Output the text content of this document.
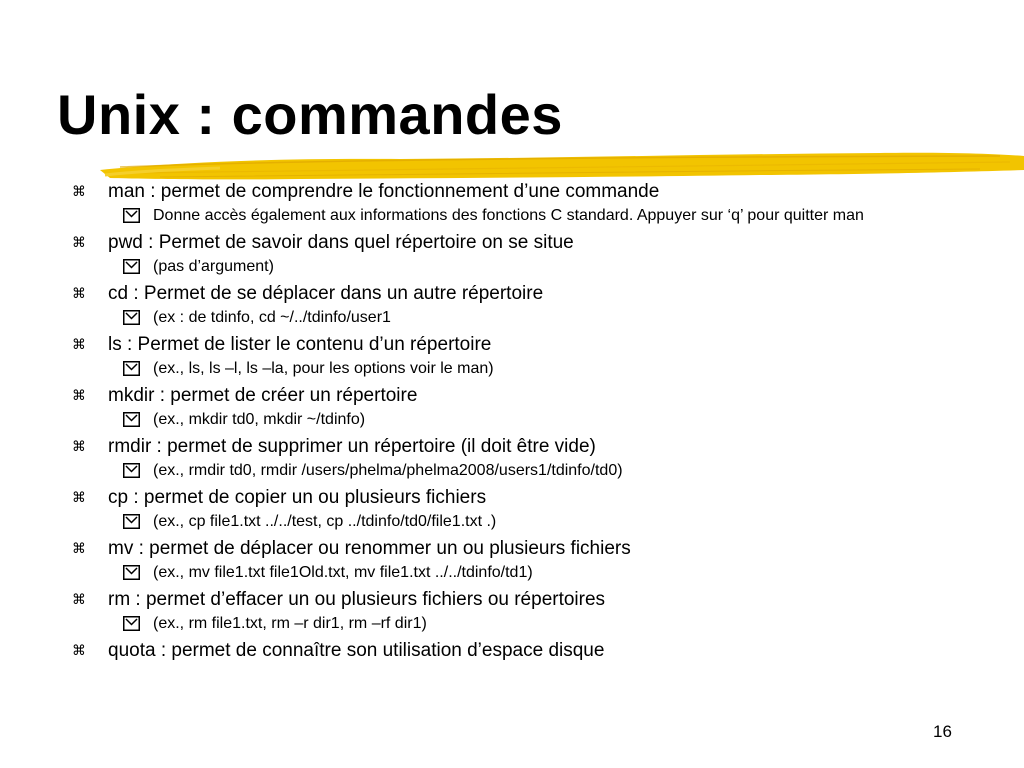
Unix : commandes
⌘	man : permet de comprendre le fonctionnement d’une commande
Donne accès également aux informations des fonctions C standard. Appuyer sur ‘q’ pour quitter man
⌘	pwd : Permet de savoir dans quel répertoire on se situe
(pas d’argument)
⌘	cd : Permet de se déplacer dans un autre répertoire
(ex : de tdinfo, cd ~/../tdinfo/user1
⌘	ls : Permet de lister le contenu d’un répertoire
(ex., ls, ls –l, ls –la, pour les options voir le man)
⌘	mkdir : permet de créer un répertoire
(ex., mkdir td0, mkdir ~/tdinfo)
⌘	rmdir : permet de supprimer un répertoire (il doit être vide)
(ex., rmdir td0, rmdir /users/phelma/phelma2008/users1/tdinfo/td0)
⌘	cp : permet de copier un ou plusieurs fichiers
(ex., cp file1.txt ../../test, cp ../tdinfo/td0/file1.txt .)
⌘	mv : permet de déplacer ou renommer un ou plusieurs fichiers
(ex., mv file1.txt file1Old.txt, mv file1.txt ../../tdinfo/td1)
⌘	rm : permet d’effacer un ou plusieurs fichiers ou répertoires
(ex., rm file1.txt, rm –r dir1, rm –rf dir1)
⌘	quota : permet de connaître son utilisation d’espace disque
16
